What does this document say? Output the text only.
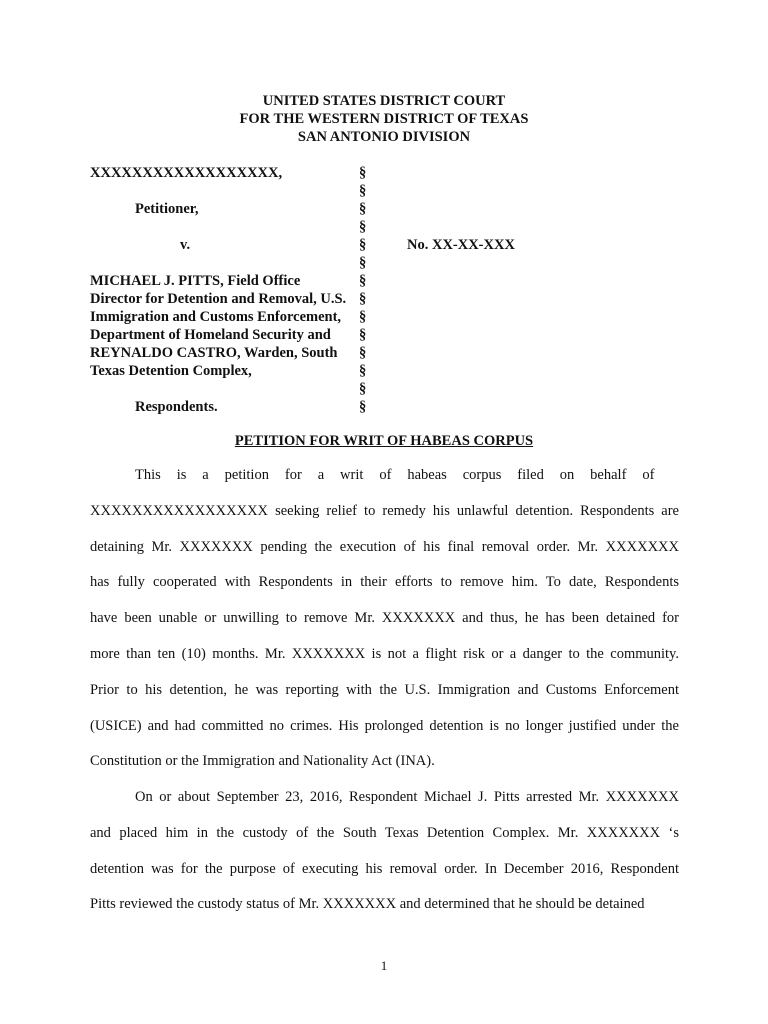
UNITED STATES DISTRICT COURT
FOR THE WESTERN DISTRICT OF TEXAS
SAN ANTONIO DIVISION
XXXXXXXXXXXXXXXXXX,
Petitioner,
v.
MICHAEL J. PITTS, Field Office
Director for Detention and Removal, U.S.
Immigration and Customs Enforcement,
Department of Homeland Security and
REYNALDO CASTRO, Warden, South
Texas Detention Complex,
Respondents.
§
§
§
§
§
§
§
§
§
§
§
§
§
§
No. XX-XX-XXX
PETITION FOR WRIT OF HABEAS CORPUS
This is a petition for a writ of habeas corpus filed on behalf of
XXXXXXXXXXXXXXXXX seeking relief to remedy his unlawful detention. Respondents are
detaining Mr. XXXXXXX pending the execution of his final removal order. Mr. XXXXXXX
has fully cooperated with Respondents in their efforts to remove him. To date, Respondents
have been unable or unwilling to remove Mr. XXXXXXX and thus, he has been detained for
more than ten (10) months. Mr. XXXXXXX is not a flight risk or a danger to the community.
Prior to his detention, he was reporting with the U.S. Immigration and Customs Enforcement
(USICE) and had committed no crimes. His prolonged detention is no longer justified under the
Constitution or the Immigration and Nationality Act (INA).
On or about September 23, 2016, Respondent Michael J. Pitts arrested Mr. XXXXXXX
and placed him in the custody of the South Texas Detention Complex. Mr. XXXXXXX ‘s
detention was for the purpose of executing his removal order. In December 2016, Respondent
Pitts reviewed the custody status of Mr. XXXXXXX and determined that he should be detained
1
